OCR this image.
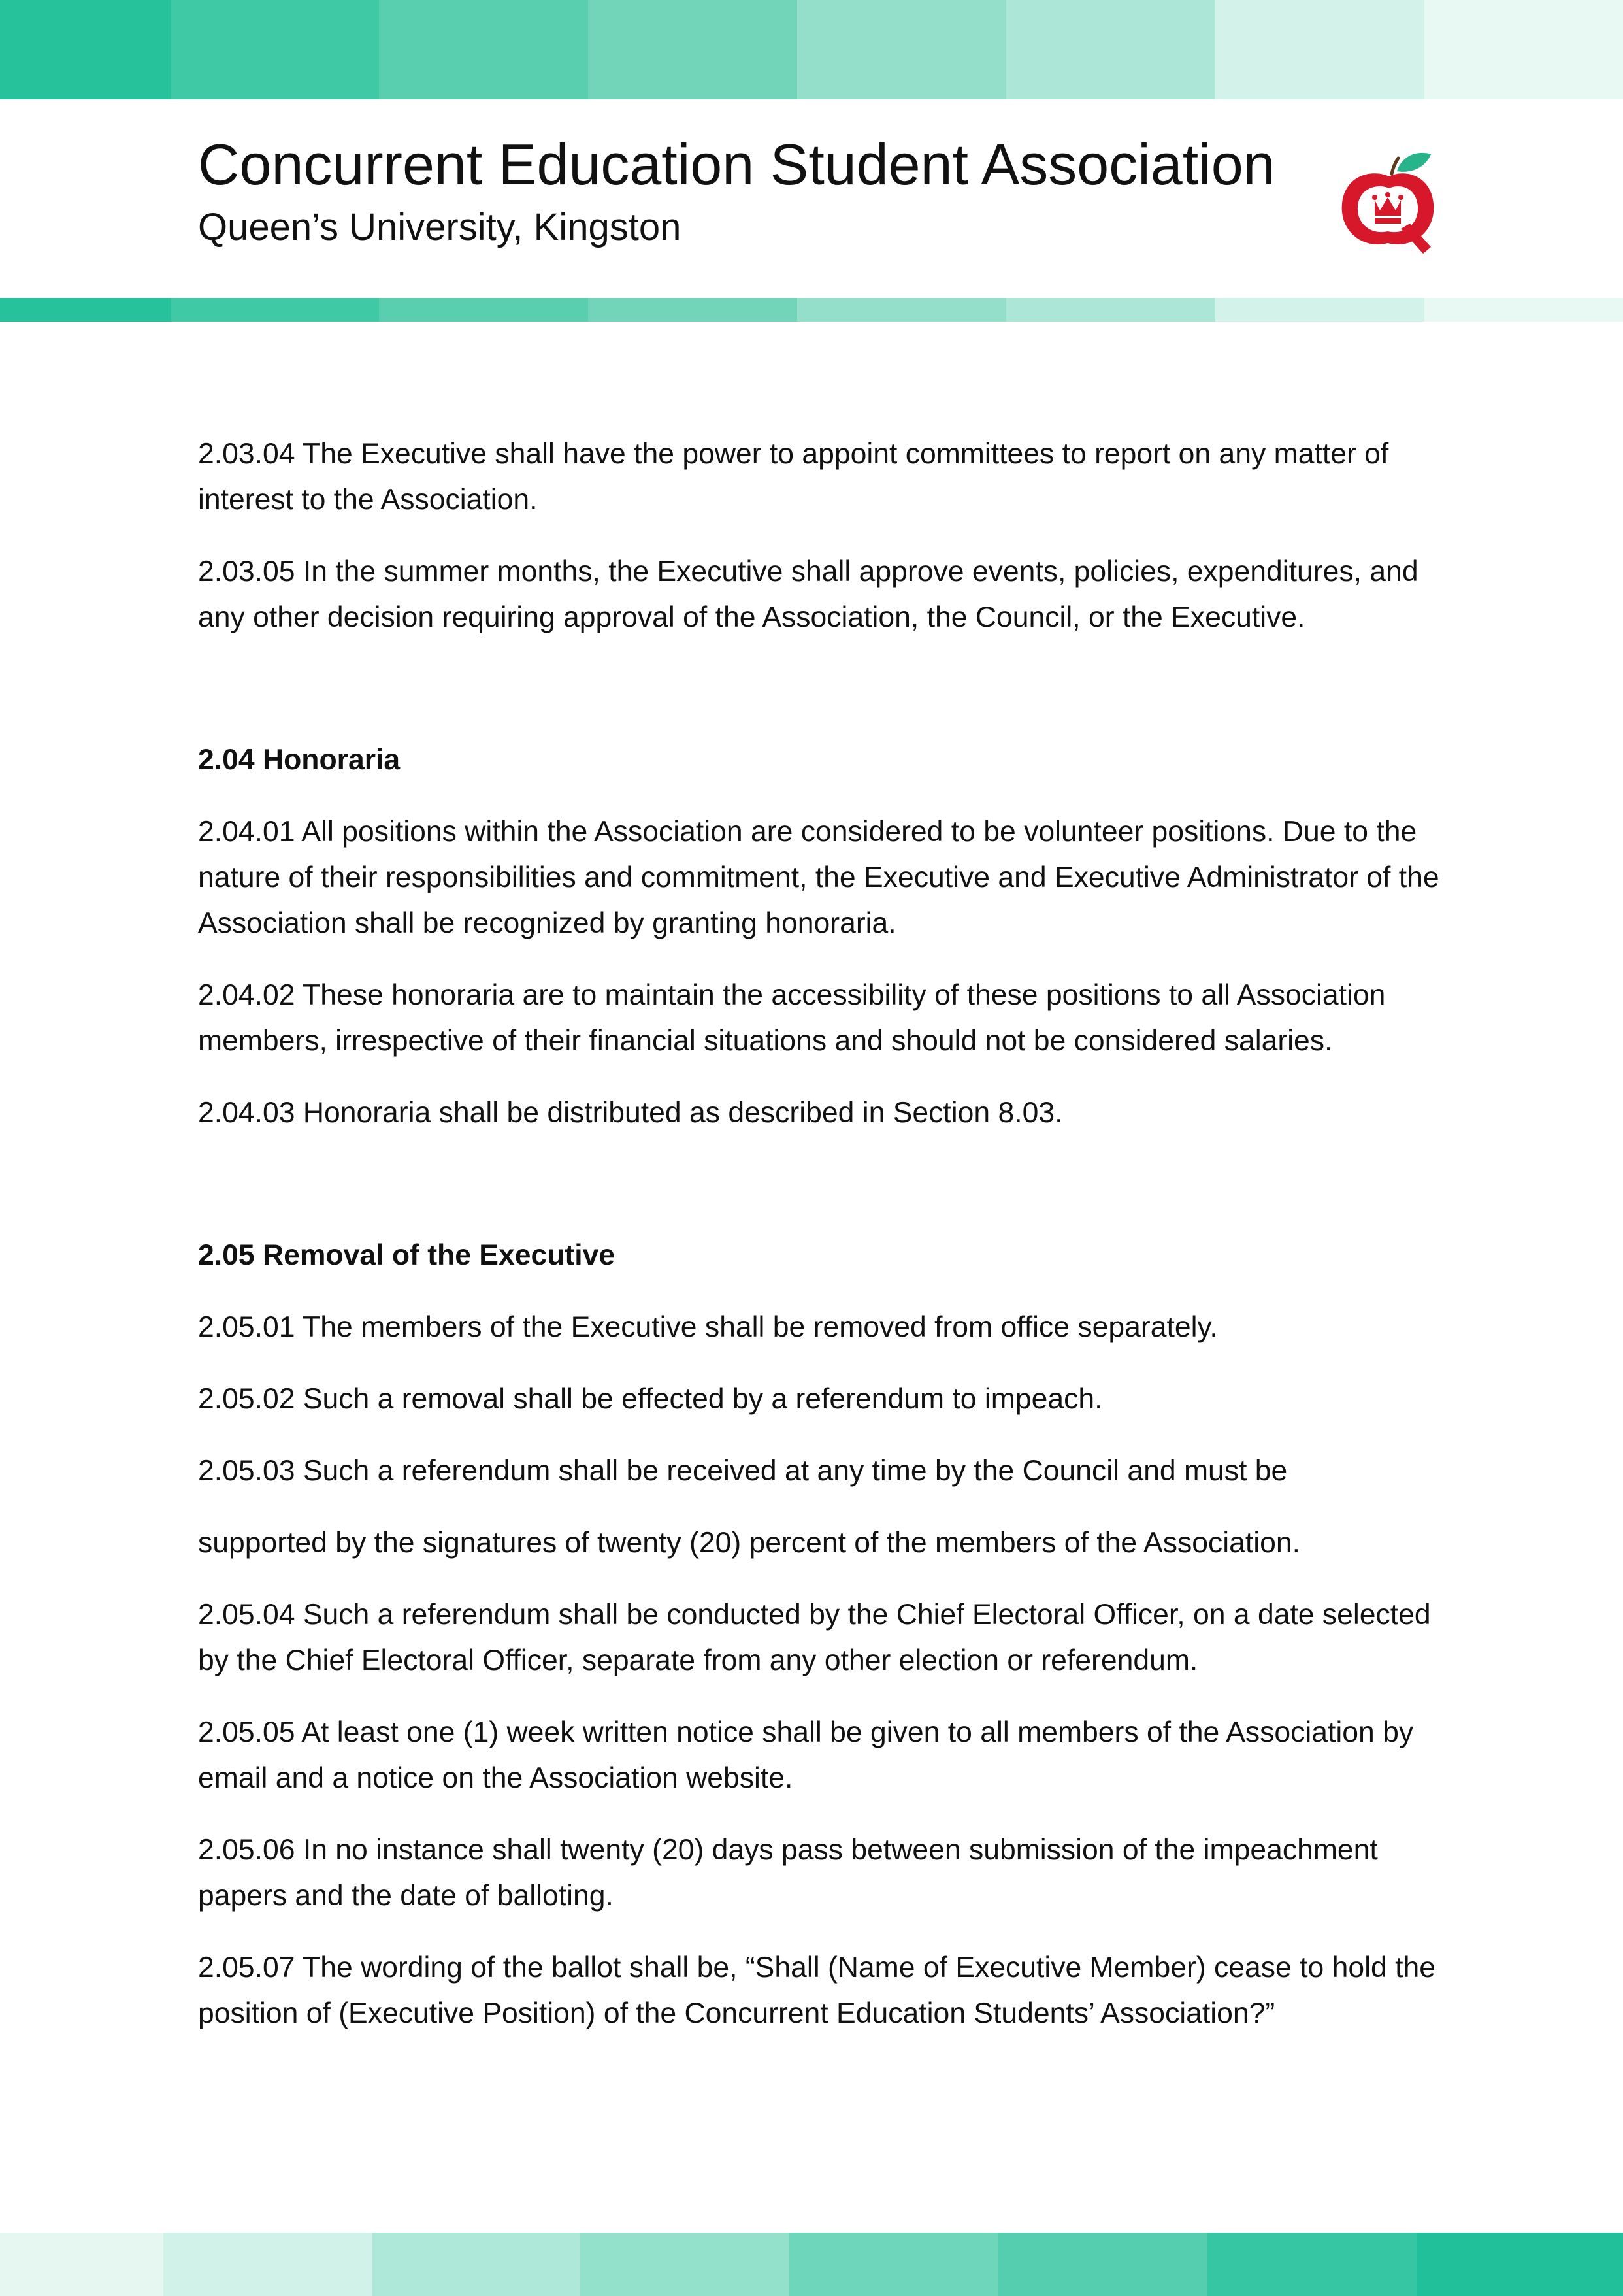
Concurrent Education Student Association
Queen’s University, Kingston

2.03.04 The Executive shall have the power to appoint committees to report on any matter of interest to the Association.

2.03.05 In the summer months, the Executive shall approve events, policies, expenditures, and any other decision requiring approval of the Association, the Council, or the Executive.

2.04 Honoraria

2.04.01 All positions within the Association are considered to be volunteer positions. Due to the nature of their responsibilities and commitment, the Executive and Executive Administrator of the Association shall be recognized by granting honoraria.

2.04.02 These honoraria are to maintain the accessibility of these positions to all Association members, irrespective of their financial situations and should not be considered salaries.

2.04.03 Honoraria shall be distributed as described in Section 8.03.

2.05 Removal of the Executive

2.05.01 The members of the Executive shall be removed from office separately.

2.05.02 Such a removal shall be effected by a referendum to impeach.

2.05.03 Such a referendum shall be received at any time by the Council and must be

supported by the signatures of twenty (20) percent of the members of the Association.

2.05.04 Such a referendum shall be conducted by the Chief Electoral Officer, on a date selected by the Chief Electoral Officer, separate from any other election or referendum.

2.05.05 At least one (1) week written notice shall be given to all members of the Association by email and a notice on the Association website.

2.05.06 In no instance shall twenty (20) days pass between submission of the impeachment papers and the date of balloting.

2.05.07 The wording of the ballot shall be, “Shall (Name of Executive Member) cease to hold the position of (Executive Position) of the Concurrent Education Students’ Association?”
